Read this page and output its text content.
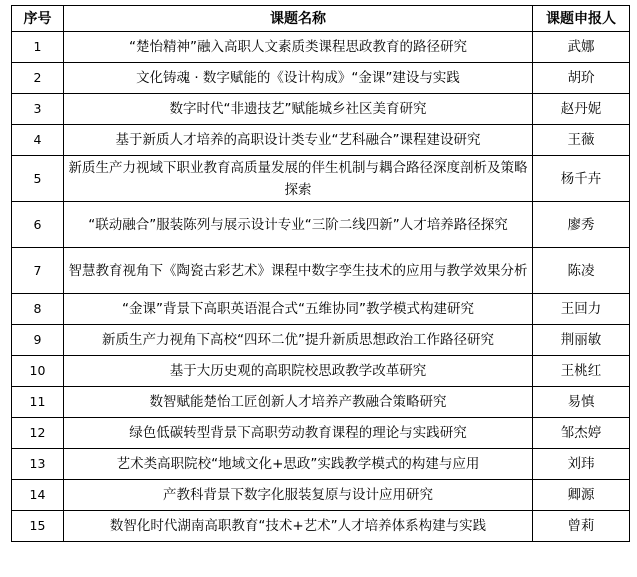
序号	课题名称	课题申报人
1	“楚怡精神”融入高职人文素质类课程思政教育的路径研究	武娜
2	文化铸魂 · 数字赋能的《设计构成》“金课”建设与实践	胡玠
3	数字时代“非遗技艺”赋能城乡社区美育研究	赵丹妮
4	基于新质人才培养的高职设计类专业“艺科融合”课程建设研究	王薇
5	新质生产力视域下职业教育高质量发展的伴生机制与耦合路径深度剖析及策略探索	杨千卉
6	“联动融合”服装陈列与展示设计专业“三阶二线四新”人才培养路径探究	廖秀
7	智慧教育视角下《陶瓷古彩艺术》课程中数字孪生技术的应用与教学效果分析	陈凌
8	“金课”背景下高职英语混合式“五维协同”教学模式构建研究	王回力
9	新质生产力视角下高校“四环二优”提升新质思想政治工作路径研究	荆丽敏
10	基于大历史观的高职院校思政教学改革研究	王桃红
11	数智赋能楚怡工匠创新人才培养产教融合策略研究	易慎
12	绿色低碳转型背景下高职劳动教育课程的理论与实践研究	邹杰婷
13	艺术类高职院校“地域文化+思政”实践教学模式的构建与应用	刘玮
14	产教科背景下数字化服装复原与设计应用研究	卿源
15	数智化时代湖南高职教育“技术+艺术”人才培养体系构建与实践	曾莉
